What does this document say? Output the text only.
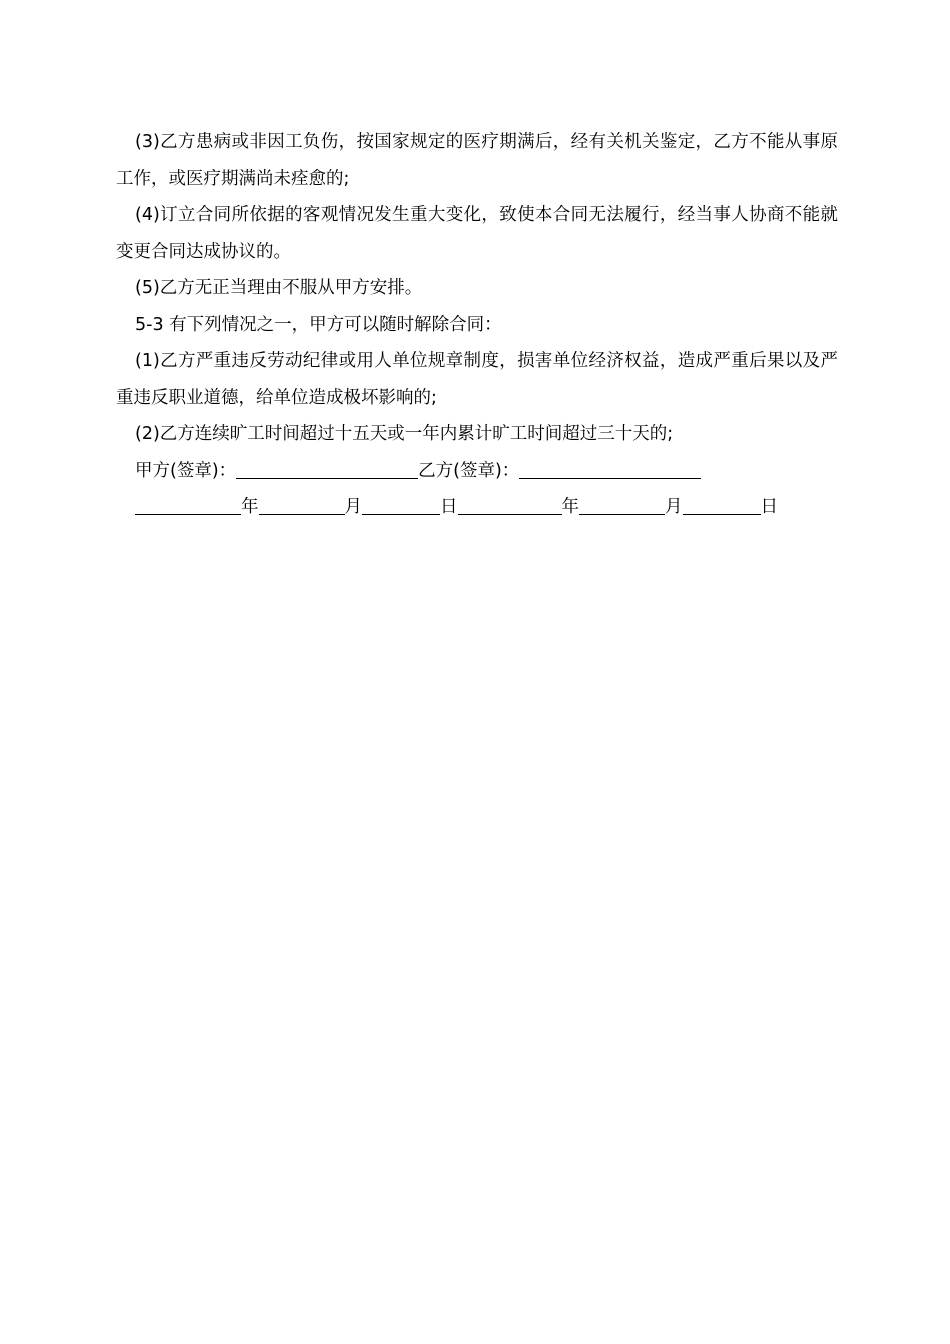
(3)乙方患病或非因工负伤，按国家规定的医疗期满后，经有关机关鉴定，乙方不能从事原工作，或医疗期满尚未痊愈的;

(4)订立合同所依据的客观情况发生重大变化，致使本合同无法履行，经当事人协商不能就变更合同达成协议的。

(5)乙方无正当理由不服从甲方安排。

5-3 有下列情况之一，甲方可以随时解除合同：

(1)乙方严重违反劳动纪律或用人单位规章制度，损害单位经济权益，造成严重后果以及严重违反职业道德，给单位造成极坏影响的;

(2)乙方连续旷工时间超过十五天或一年内累计旷工时间超过三十天的;

甲方(签章)：	乙方(签章)：
年	月	日	年	月	日
